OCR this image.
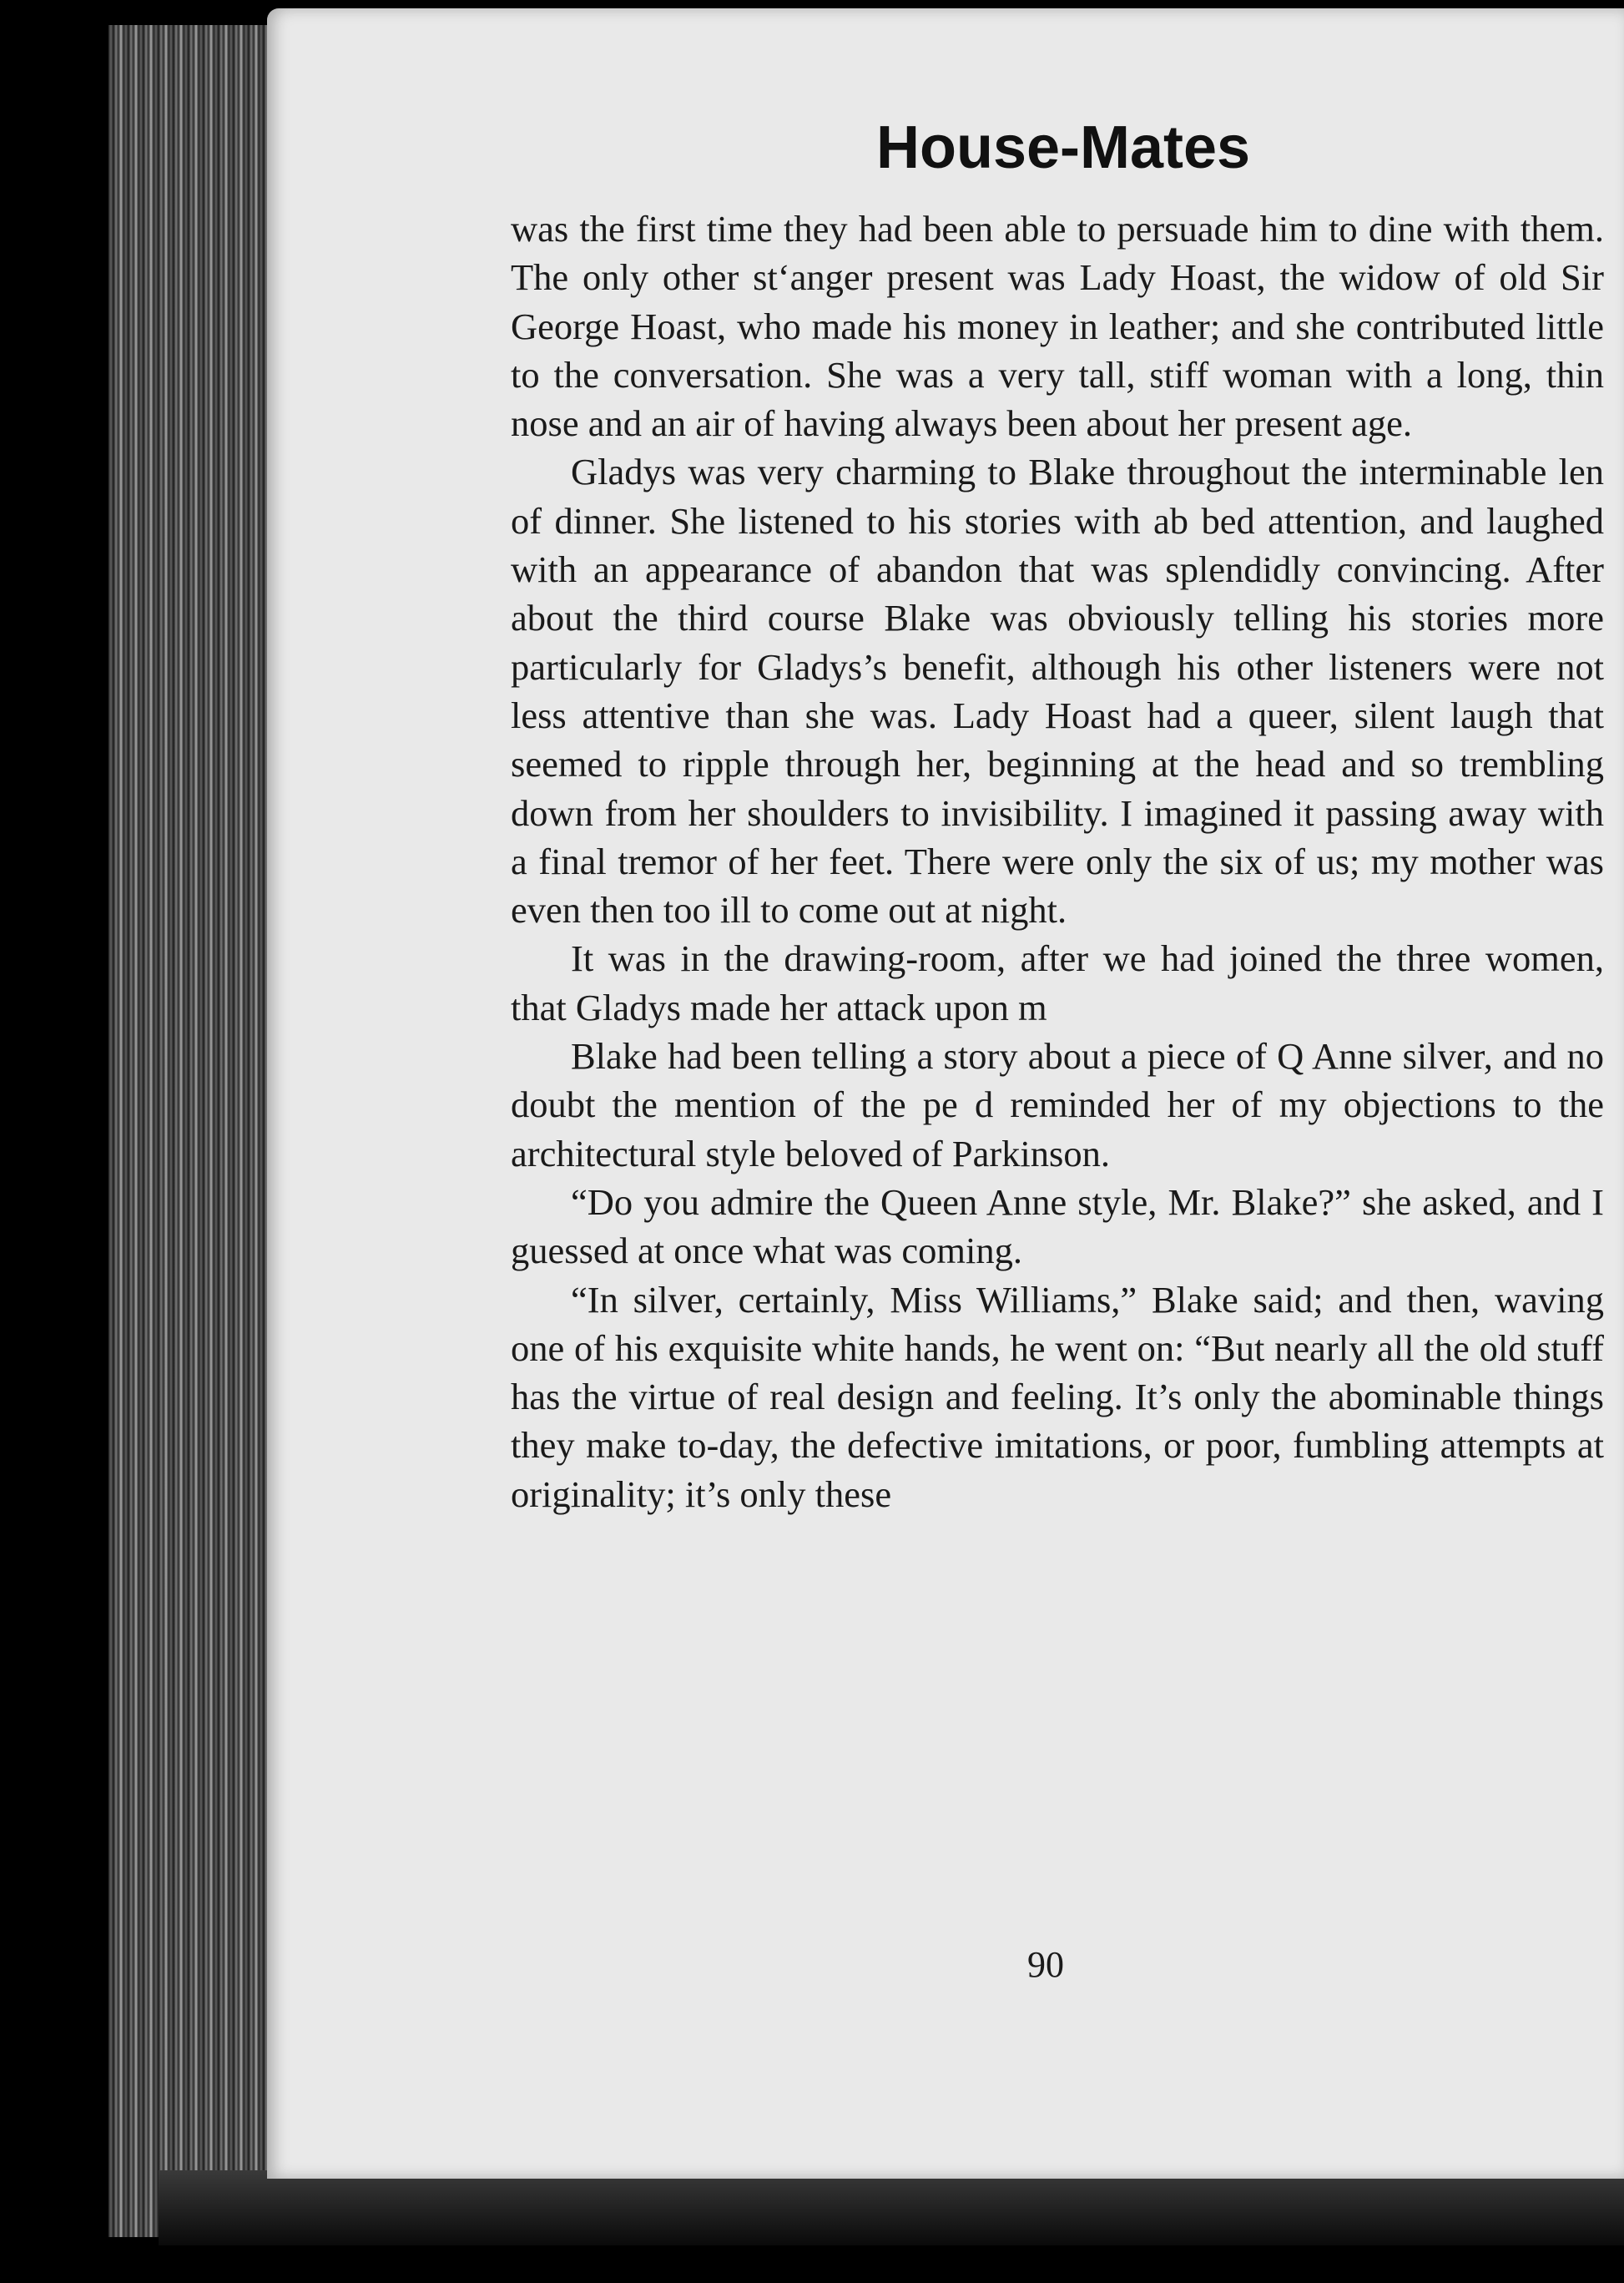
House-Mates

was the first time they had been able to persuade him to dine with them. The only other stʻanger present was Lady Hoast, the widow of old Sir George Hoast, who made his money in leather; and she contributed little to the conversation. She was a very tall, stiff woman with a long, thin nose and an air of having always been about her present age.

Gladys was very charming to Blake throughout the interminable len of dinner. She listened to his stories with ab bed attention, and laughed with an appearance of abandon that was splendidly convincing. After about the third course Blake was obviously telling his stories more particularly for Gladys’s benefit, although his other listeners were not less attentive than she was. Lady Hoast had a queer, silent laugh that seemed to ripple through her, beginning at the head and so trembling down from her shoulders to invisibility. I imagined it passing away with a final tremor of her feet. There were only the six of us; my mother was even then too ill to come out at night.

It was in the drawing-room, after we had joined the three women, that Gladys made her attack upon m

Blake had been telling a story about a piece of Q Anne silver, and no doubt the mention of the pe d reminded her of my objections to the architectural style beloved of Parkinson.

“Do you admire the Queen Anne style, Mr. Blake?” she asked, and I guessed at once what was coming.

“In silver, certainly, Miss Williams,” Blake said; and then, waving one of his exquisite white hands, he went on: “But nearly all the old stuff has the virtue of real design and feeling. It’s only the abominable things they make to-day, the defective imitations, or poor, fumbling attempts at originality; it’s only these

90
